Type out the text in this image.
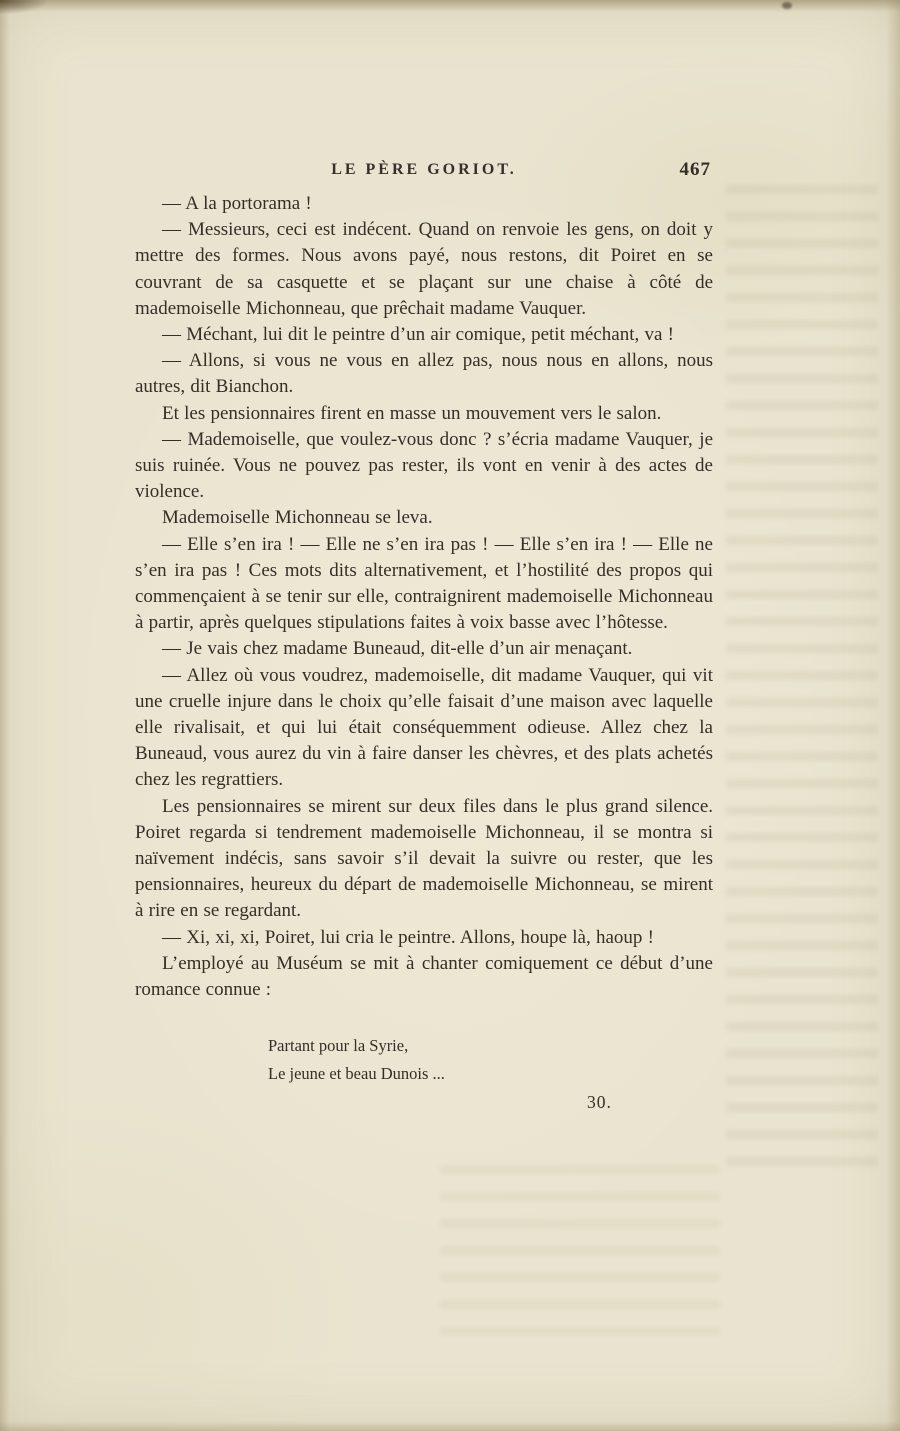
LE PÈRE GORIOT.	467

— A la portorama !

— Messieurs, ceci est indécent. Quand on renvoie les gens, on doit y mettre des formes. Nous avons payé, nous restons, dit Poiret en se couvrant de sa casquette et se plaçant sur une chaise à côté de mademoiselle Michonneau, que prêchait madame Vauquer.

— Méchant, lui dit le peintre d’un air comique, petit méchant, va !

— Allons, si vous ne vous en allez pas, nous nous en allons, nous autres, dit Bianchon.

Et les pensionnaires firent en masse un mouvement vers le salon.

— Mademoiselle, que voulez-vous donc ? s’écria madame Vauquer, je suis ruinée. Vous ne pouvez pas rester, ils vont en venir à des actes de violence.

Mademoiselle Michonneau se leva.

— Elle s’en ira ! — Elle ne s’en ira pas ! — Elle s’en ira ! — Elle ne s’en ira pas ! Ces mots dits alternativement, et l’hostilité des propos qui commençaient à se tenir sur elle, contraignirent mademoiselle Michonneau à partir, après quelques stipulations faites à voix basse avec l’hôtesse.

— Je vais chez madame Buneaud, dit-elle d’un air menaçant.

— Allez où vous voudrez, mademoiselle, dit madame Vauquer, qui vit une cruelle injure dans le choix qu’elle faisait d’une maison avec laquelle elle rivalisait, et qui lui était conséquemment odieuse. Allez chez la Buneaud, vous aurez du vin à faire danser les chèvres, et des plats achetés chez les regrattiers.

Les pensionnaires se mirent sur deux files dans le plus grand silence. Poiret regarda si tendrement mademoiselle Michonneau, il se montra si naïvement indécis, sans savoir s’il devait la suivre ou rester, que les pensionnaires, heureux du départ de mademoiselle Michonneau, se mirent à rire en se regardant.

— Xi, xi, xi, Poiret, lui cria le peintre. Allons, houpe là, haoup !

L’employé au Muséum se mit à chanter comiquement ce début d’une romance connue :

Partant pour la Syrie,
Le jeune et beau Dunois ...
30.
